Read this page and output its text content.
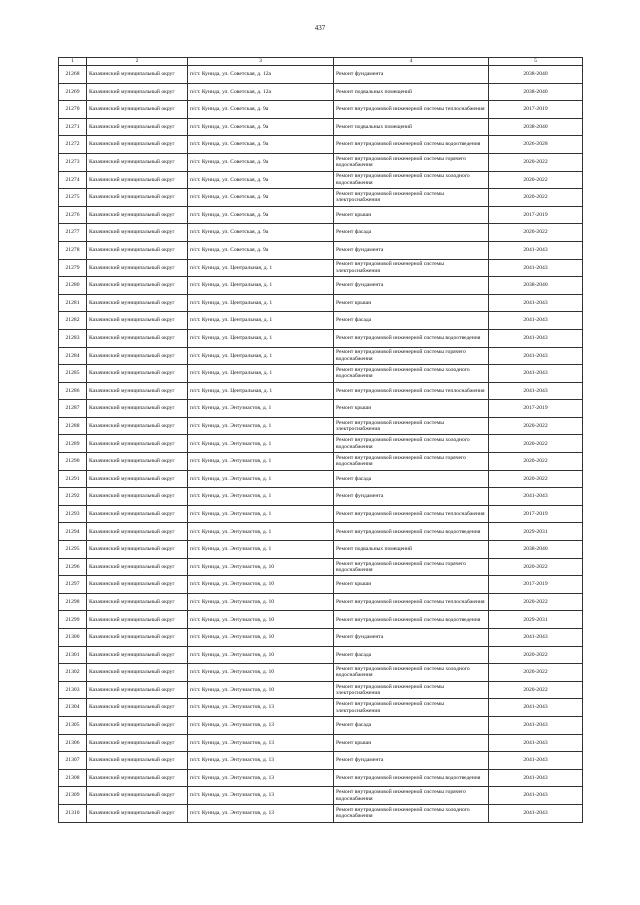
437
1	2	3	4	5
21268	Казачинский муниципальный округ	п/ст. Кунида, ул. Советская, д. 12а	Ремонт фундамента	2038-2040
21269	Казачинский муниципальный округ	п/ст. Кунида, ул. Советская, д. 12а	Ремонт подвальных помещений	2038-2040
21270	Казачинский муниципальный округ	п/ст. Кунида, ул. Советская, д. 9а	Ремонт внутридомовой инженерной системы теплоснабжения	2017-2019
21271	Казачинский муниципальный округ	п/ст. Кунида, ул. Советская, д. 9а	Ремонт подвальных помещений	2038-2040
21272	Казачинский муниципальный округ	п/ст. Кунида, ул. Советская, д. 9а	Ремонт внутридомовой инженерной системы водоотведения	2026-2028
21273	Казачинский муниципальный округ	п/ст. Кунида, ул. Советская, д. 9а	Ремонт внутридомовой инженерной системы горячего водоснабжения	2020-2022
21274	Казачинский муниципальный округ	п/ст. Кунида, ул. Советская, д. 9а	Ремонт внутридомовой инженерной системы холодного водоснабжения	2020-2022
21275	Казачинский муниципальный округ	п/ст. Кунида, ул. Советская, д. 9а	Ремонт внутридомовой инженерной системы электроснабжения	2020-2022
21276	Казачинский муниципальный округ	п/ст. Кунида, ул. Советская, д. 9а	Ремонт крыши	2017-2019
21277	Казачинский муниципальный округ	п/ст. Кунида, ул. Советская, д. 9а	Ремонт фасада	2020-2022
21278	Казачинский муниципальный округ	п/ст. Кунида, ул. Советская, д. 9а	Ремонт фундамента	2041-2043
21279	Казачинский муниципальный округ	п/ст. Кунида, ул. Центральная, д. 1	Ремонт внутридомовой инженерной системы электроснабжения	2041-2043
21280	Казачинский муниципальный округ	п/ст. Кунида, ул. Центральная, д. 1	Ремонт фундамента	2038-2040
21281	Казачинский муниципальный округ	п/ст. Кунида, ул. Центральная, д. 1	Ремонт крыши	2041-2043
21282	Казачинский муниципальный округ	п/ст. Кунида, ул. Центральная, д. 1	Ремонт фасада	2041-2043
21283	Казачинский муниципальный округ	п/ст. Кунида, ул. Центральная, д. 1	Ремонт внутридомовой инженерной системы водоотведения	2041-2043
21284	Казачинский муниципальный округ	п/ст. Кунида, ул. Центральная, д. 1	Ремонт внутридомовой инженерной системы горячего водоснабжения	2041-2043
21285	Казачинский муниципальный округ	п/ст. Кунида, ул. Центральная, д. 1	Ремонт внутридомовой инженерной системы холодного водоснабжения	2041-2043
21286	Казачинский муниципальный округ	п/ст. Кунида, ул. Центральная, д. 1	Ремонт внутридомовой инженерной системы теплоснабжения	2041-2043
21287	Казачинский муниципальный округ	п/ст. Кунида, ул. Энтузиастов, д. 1	Ремонт крыши	2017-2019
21288	Казачинский муниципальный округ	п/ст. Кунида, ул. Энтузиастов, д. 1	Ремонт внутридомовой инженерной системы электроснабжения	2020-2022
21289	Казачинский муниципальный округ	п/ст. Кунида, ул. Энтузиастов, д. 1	Ремонт внутридомовой инженерной системы холодного водоснабжения	2020-2022
21290	Казачинский муниципальный округ	п/ст. Кунида, ул. Энтузиастов, д. 1	Ремонт внутридомовой инженерной системы горячего водоснабжения	2020-2022
21291	Казачинский муниципальный округ	п/ст. Кунида, ул. Энтузиастов, д. 1	Ремонт фасада	2020-2022
21292	Казачинский муниципальный округ	п/ст. Кунида, ул. Энтузиастов, д. 1	Ремонт фундамента	2041-2043
21293	Казачинский муниципальный округ	п/ст. Кунида, ул. Энтузиастов, д. 1	Ремонт внутридомовой инженерной системы теплоснабжения	2017-2019
21294	Казачинский муниципальный округ	п/ст. Кунида, ул. Энтузиастов, д. 1	Ремонт внутридомовой инженерной системы водоотведения	2029-2031
21295	Казачинский муниципальный округ	п/ст. Кунида, ул. Энтузиастов, д. 1	Ремонт подвальных помещений	2038-2040
21296	Казачинский муниципальный округ	п/ст. Кунида, ул. Энтузиастов, д. 10	Ремонт внутридомовой инженерной системы горячего водоснабжения	2020-2022
21297	Казачинский муниципальный округ	п/ст. Кунида, ул. Энтузиастов, д. 10	Ремонт крыши	2017-2019
21298	Казачинский муниципальный округ	п/ст. Кунида, ул. Энтузиастов, д. 10	Ремонт внутридомовой инженерной системы теплоснабжения	2020-2022
21299	Казачинский муниципальный округ	п/ст. Кунида, ул. Энтузиастов, д. 10	Ремонт внутридомовой инженерной системы водоотведения	2029-2031
21300	Казачинский муниципальный округ	п/ст. Кунида, ул. Энтузиастов, д. 10	Ремонт фундамента	2041-2043
21301	Казачинский муниципальный округ	п/ст. Кунида, ул. Энтузиастов, д. 10	Ремонт фасада	2020-2022
21302	Казачинский муниципальный округ	п/ст. Кунида, ул. Энтузиастов, д. 10	Ремонт внутридомовой инженерной системы холодного водоснабжения	2020-2022
21303	Казачинский муниципальный округ	п/ст. Кунида, ул. Энтузиастов, д. 10	Ремонт внутридомовой инженерной системы электроснабжения	2020-2022
21304	Казачинский муниципальный округ	п/ст. Кунида, ул. Энтузиастов, д. 13	Ремонт внутридомовой инженерной системы электроснабжения	2041-2043
21305	Казачинский муниципальный округ	п/ст. Кунида, ул. Энтузиастов, д. 13	Ремонт фасада	2041-2043
21306	Казачинский муниципальный округ	п/ст. Кунида, ул. Энтузиастов, д. 13	Ремонт крыши	2041-2043
21307	Казачинский муниципальный округ	п/ст. Кунида, ул. Энтузиастов, д. 13	Ремонт фундамента	2041-2043
21308	Казачинский муниципальный округ	п/ст. Кунида, ул. Энтузиастов, д. 13	Ремонт внутридомовой инженерной системы водоотведения	2041-2043
21309	Казачинский муниципальный округ	п/ст. Кунида, ул. Энтузиастов, д. 13	Ремонт внутридомовой инженерной системы горячего водоснабжения	2041-2043
21310	Казачинский муниципальный округ	п/ст. Кунида, ул. Энтузиастов, д. 13	Ремонт внутридомовой инженерной системы холодного водоснабжения	2041-2043
